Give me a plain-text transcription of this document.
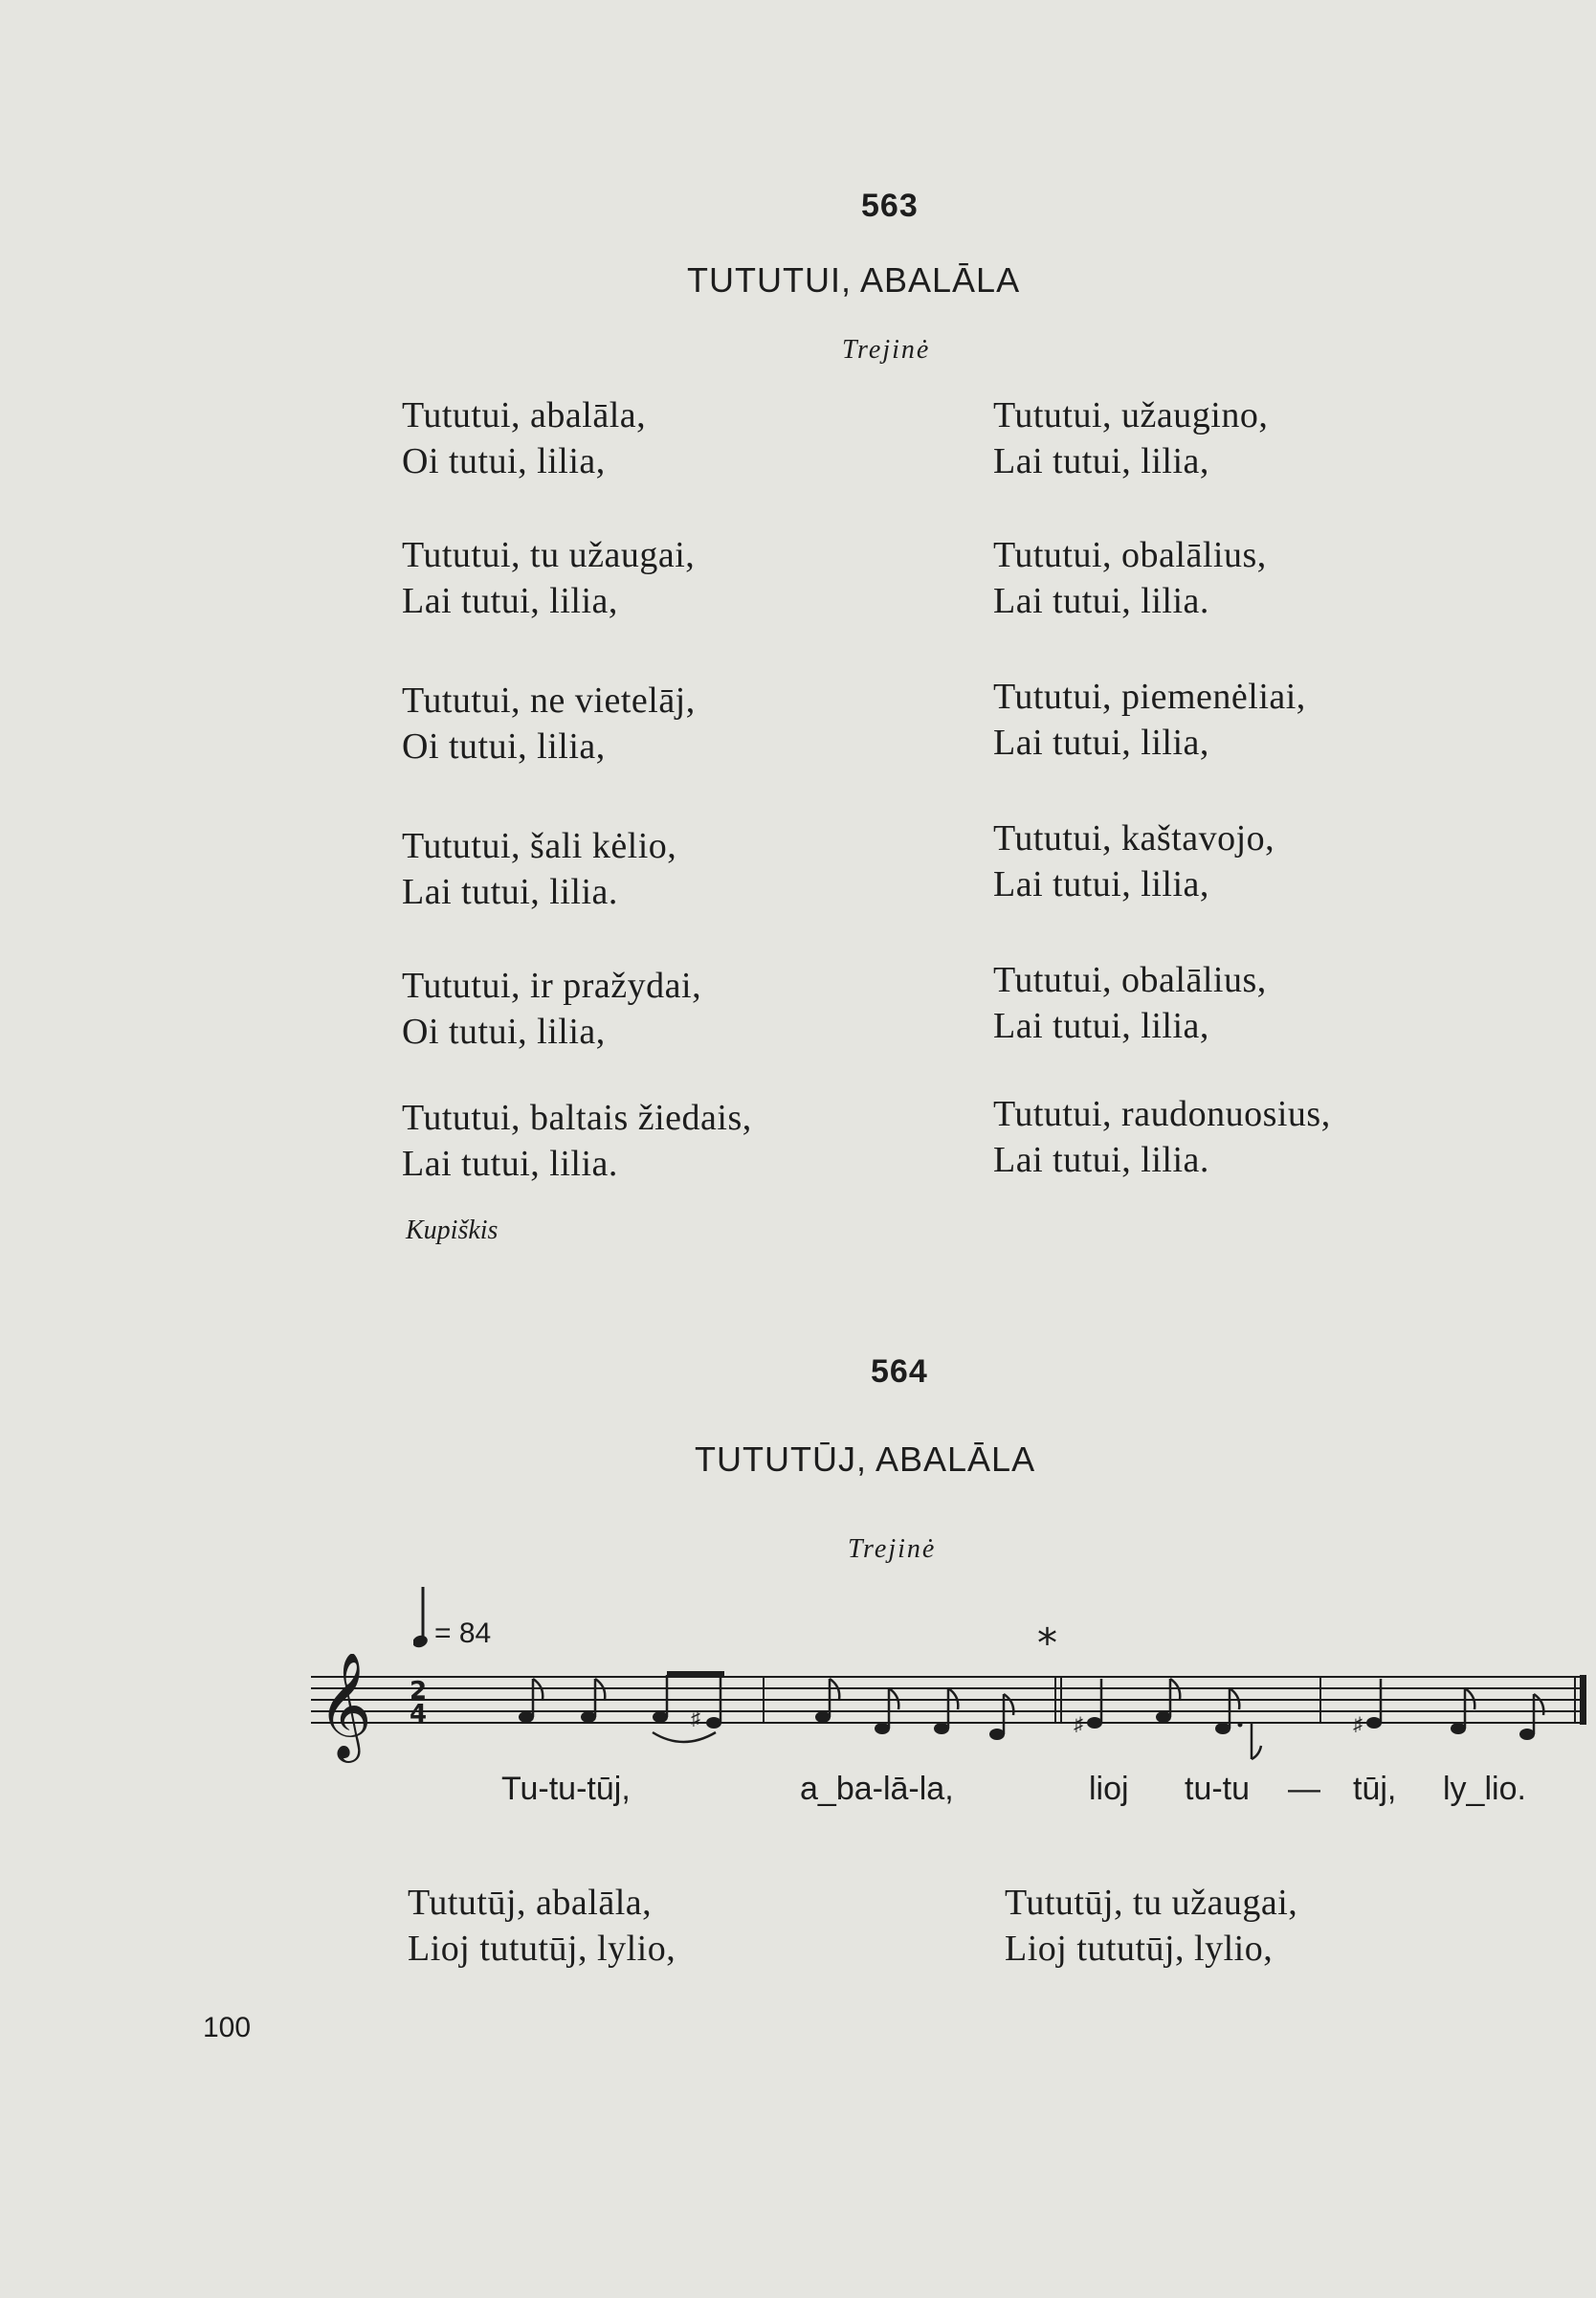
563
TUTUTUI, ABALĀLA
Trejinė
Tututui, abalāla,
Oi tutui, lilia,
Tututui, tu užaugai,
Lai tutui, lilia,
Tututui, ne vietelāj,
Oi tutui, lilia,
Tututui, šali kėlio,
Lai tutui, lilia.
Tututui, ir pražydai,
Oi tutui, lilia,
Tututui, baltais žiedais,
Lai tutui, lilia.
Tututui, užaugino,
Lai tutui, lilia,
Tututui, obalālius,
Lai tutui, lilia.
Tututui, piemenėliai,
Lai tutui, lilia,
Tututui, kaštavojo,
Lai tutui, lilia,
Tututui, obalālius,
Lai tutui, lilia,
Tututui, raudonuosius,
Lai tutui, lilia.
Kupiškis
564
TUTUTŪJ, ABALĀLA
Trejinė
= 84	*
𝄞 2
4	♯	♯	♯
Tu-tu-tūj,	a_ba-lā-la,	lioj tu-tu — tūj, ly_lio.
Tututūj, abalāla,
Lioj tututūj, lylio,
Tututūj, tu užaugai,
Lioj tututūj, lylio,
100
